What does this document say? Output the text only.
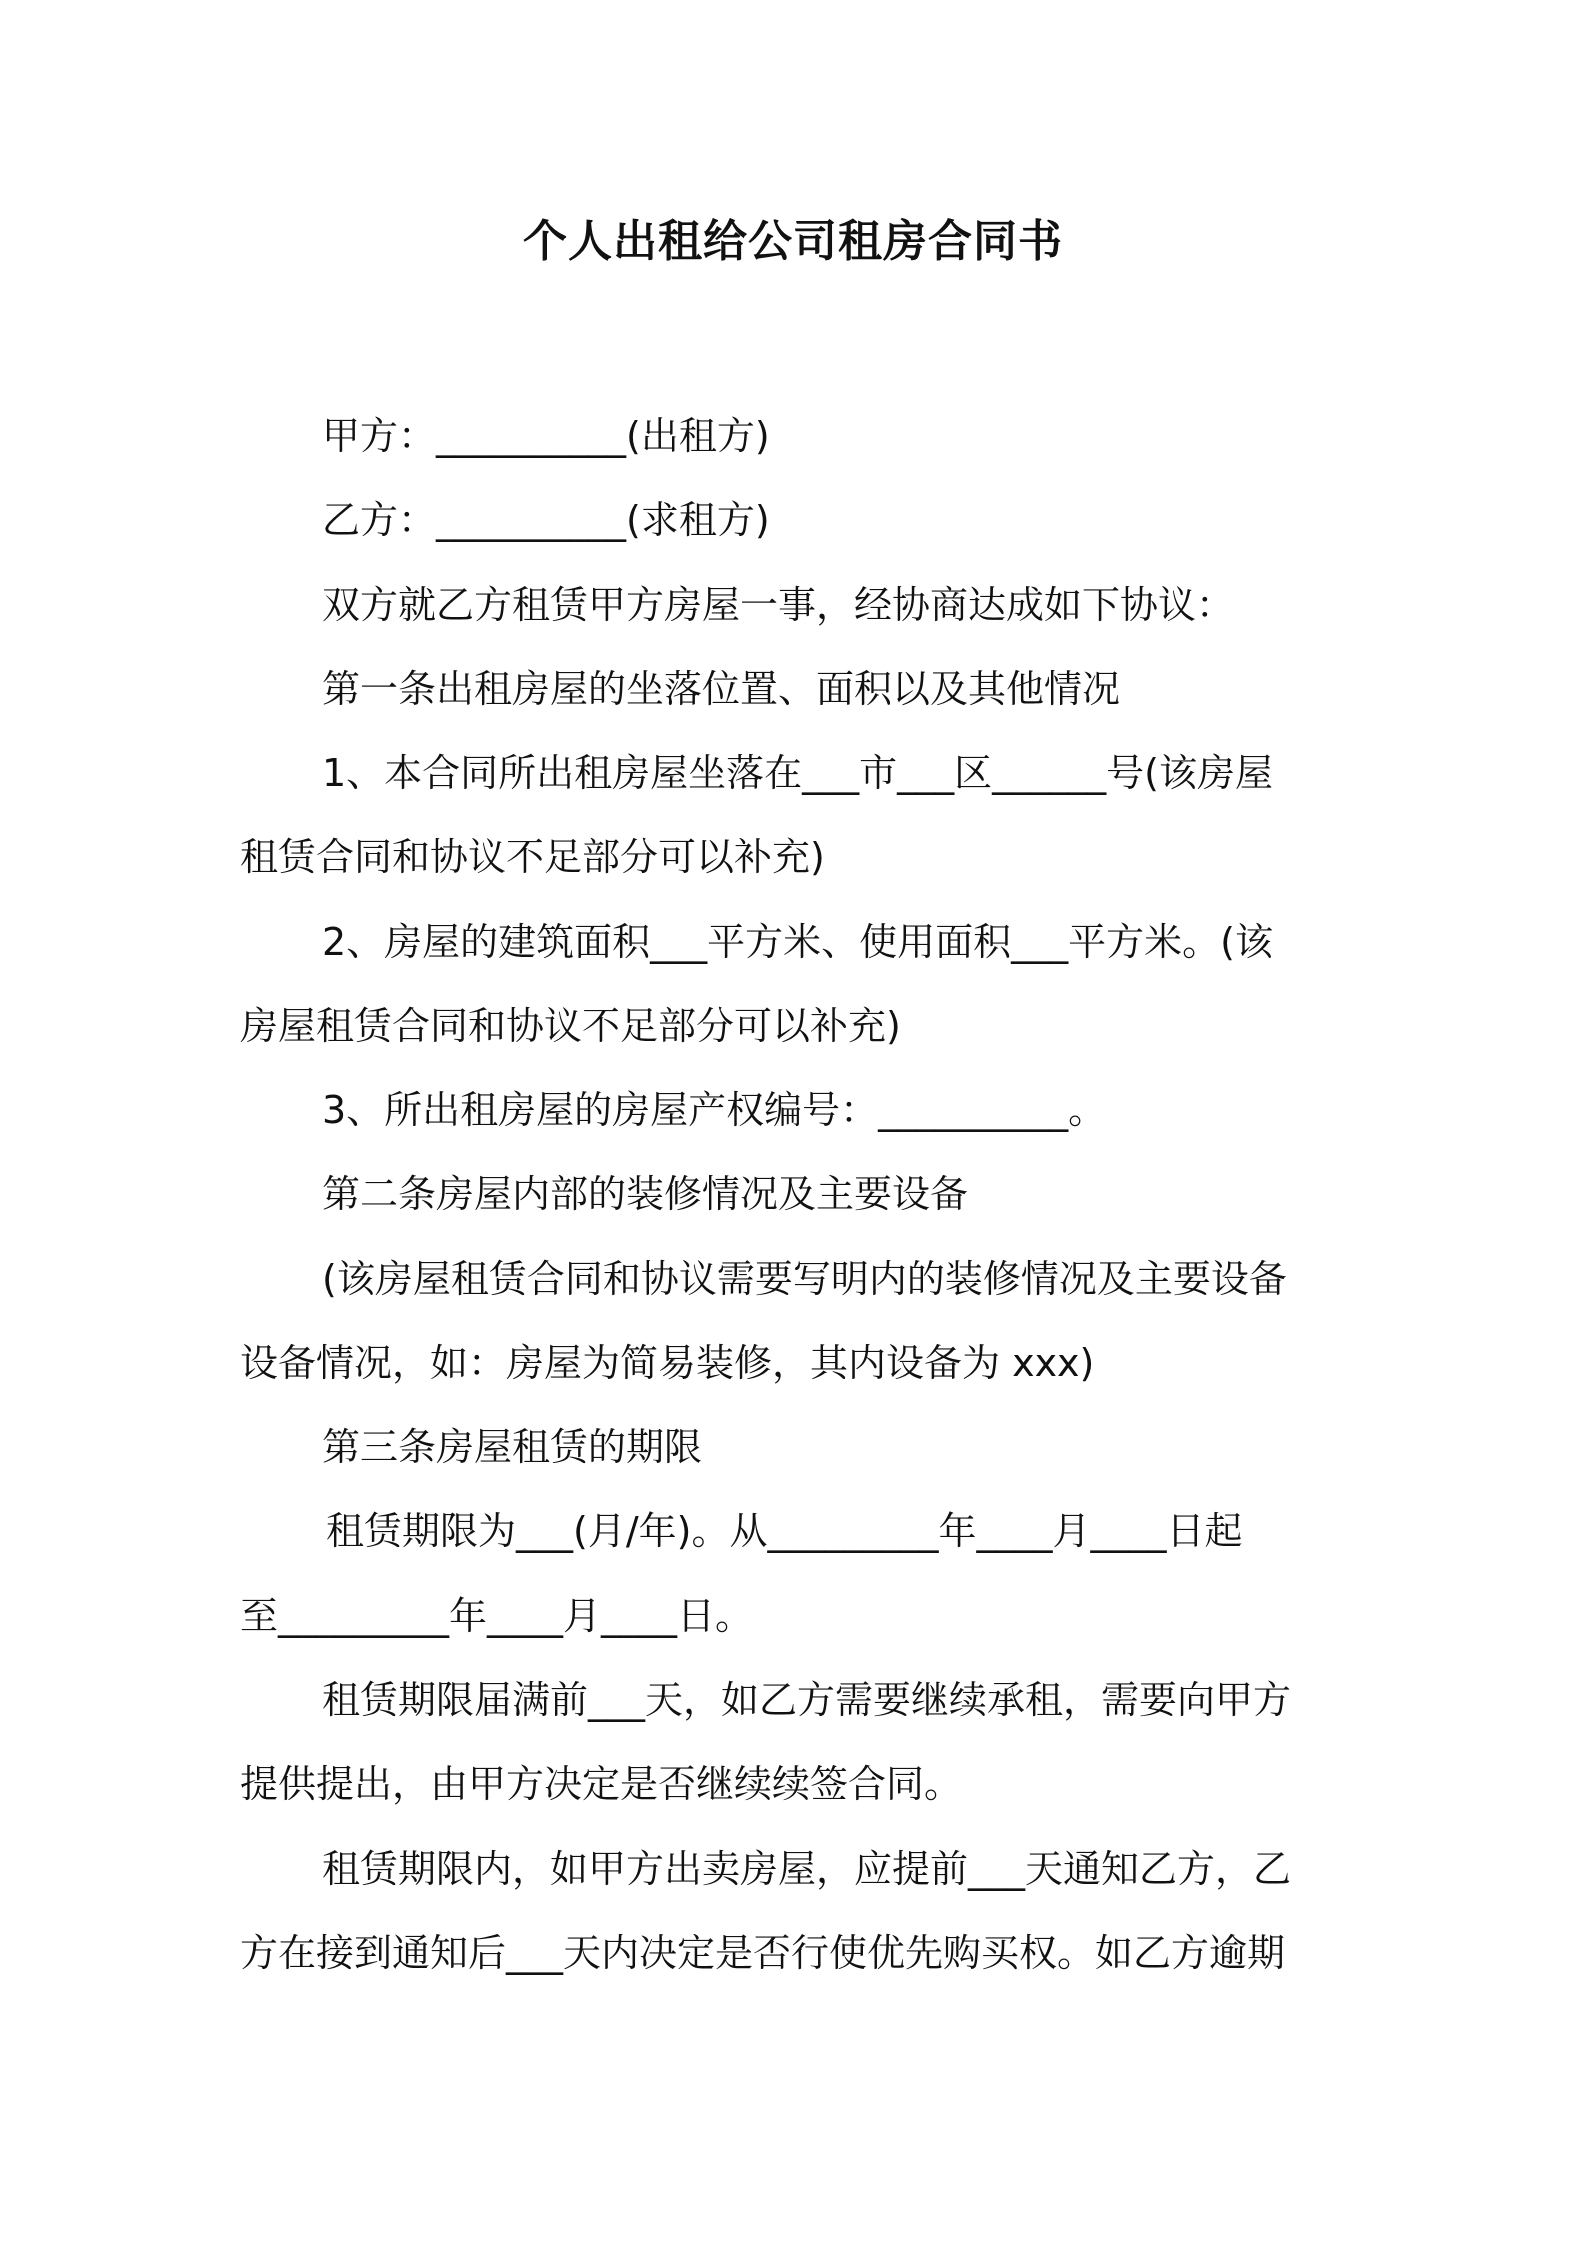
个人出租给公司租房合同书
甲方：__________(出租方)
乙方：__________(求租方)
双方就乙方租赁甲方房屋一事，经协商达成如下协议：
第一条出租房屋的坐落位置、面积以及其他情况
1、本合同所出租房屋坐落在___市___区______号(该房屋
租赁合同和协议不足部分可以补充)
2、房屋的建筑面积___平方米、使用面积___平方米。(该
房屋租赁合同和协议不足部分可以补充)
3、所出租房屋的房屋产权编号：__________。
第二条房屋内部的装修情况及主要设备
(该房屋租赁合同和协议需要写明内的装修情况及主要设备
设备情况，如：房屋为简易装修，其内设备为 xxx)
第三条房屋租赁的期限
租赁期限为___(月/年)。从_________年____月____日起
至_________年____月____日。
租赁期限届满前___天，如乙方需要继续承租，需要向甲方
提供提出，由甲方决定是否继续续签合同。
租赁期限内，如甲方出卖房屋，应提前___天通知乙方，乙
方在接到通知后___天内决定是否行使优先购买权。如乙方逾期
